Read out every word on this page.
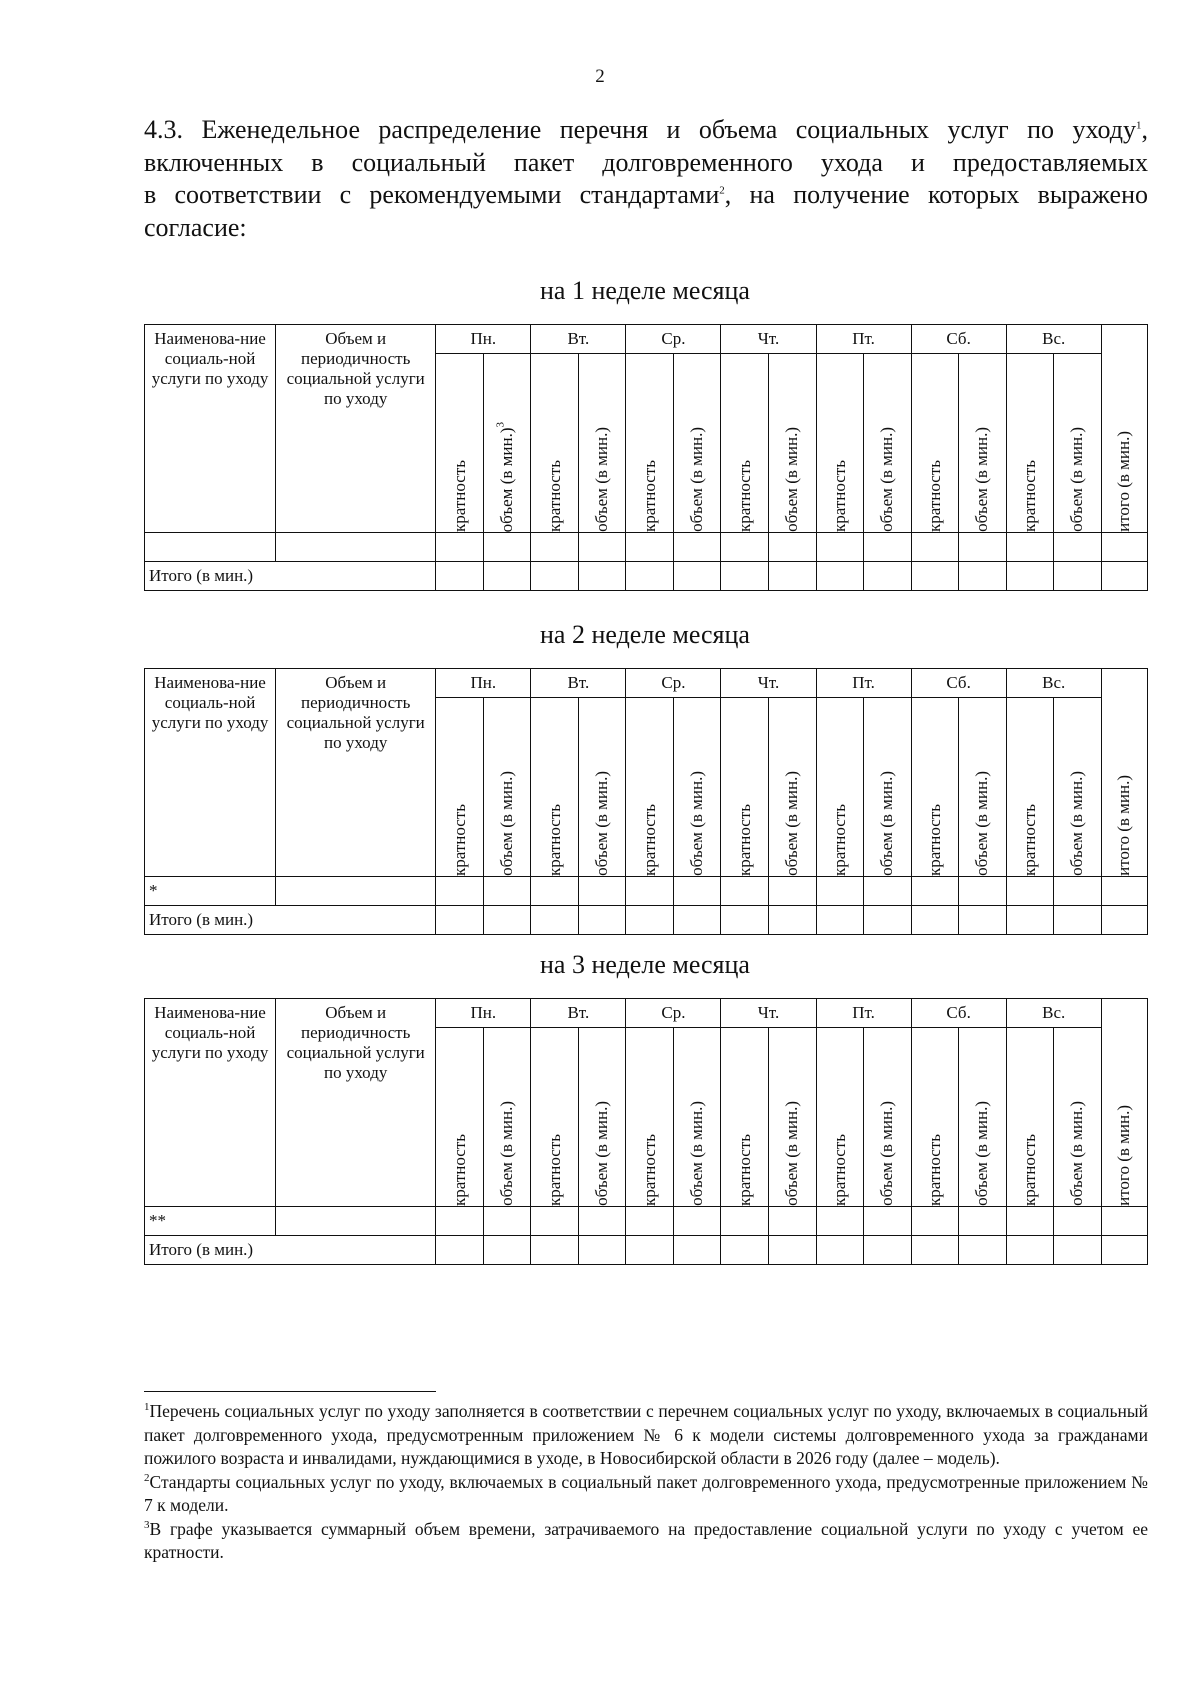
2
4.3. Еженедельное распределение перечня и объема социальных услуг по уходу$^1$,
включенных в социальный пакет долговременного ухода и предоставляемых
в соответствии с рекомендуемыми стандартами$^2$, на получение которых выражено
согласие:
на 1 неделе месяца
Наименова-ние социаль-ной услуги по уходу	Объем и периодичность социальной услуги по уходу	Пн.		Вт.		Ср.		Чт.		Пт.		Сб.		Вс.		итого (в мин.)

		кратность	объем (в мин.)$^3$	кратность	объем (в мин.)	кратность	объем (в мин.)	кратность	объем (в мин.)	кратность	объем (в мин.)	кратность	объем (в мин.)	кратность	объем (в мин.)	

Итого (в мин.)																
на 2 неделе месяца
Наименова-ние социаль-ной услуги по уходу	Объем и периодичность социальной услуги по уходу	Пн.		Вт.		Ср.		Чт.		Пт.		Сб.		Вс.		итого (в мин.)

		кратность	объем (в мин.)	кратность	объем (в мин.)	кратность	объем (в мин.)	кратность	объем (в мин.)	кратность	объем (в мин.)	кратность	объем (в мин.)	кратность	объем (в мин.)	

*																
Итого (в мин.)																
на 3 неделе месяца
Наименова-ние социаль-ной услуги по уходу	Объем и периодичность социальной услуги по уходу	Пн.		Вт.		Ср.		Чт.		Пт.		Сб.		Вс.		итого (в мин.)

		кратность	объем (в мин.)	кратность	объем (в мин.)	кратность	объем (в мин.)	кратность	объем (в мин.)	кратность	объем (в мин.)	кратность	объем (в мин.)	кратность	объем (в мин.)	

**																
Итого (в мин.)																

$^1$Перечень социальных услуг по уходу заполняется в соответствии с перечнем социальных услуг по уходу, включаемых в социальный пакет долговременного ухода, предусмотренным приложением № 6 к модели системы долговременного ухода за гражданами пожилого возраста и инвалидами, нуждающимися в уходе, в Новосибирской области в 2026 году (далее – модель).

$^2$Стандарты социальных услуг по уходу, включаемых в социальный пакет долговременного ухода, предусмотренные приложением № 7 к модели.

$^3$В графе указывается суммарный объем времени, затрачиваемого на предоставление социальной услуги по уходу с учетом ее кратности.
